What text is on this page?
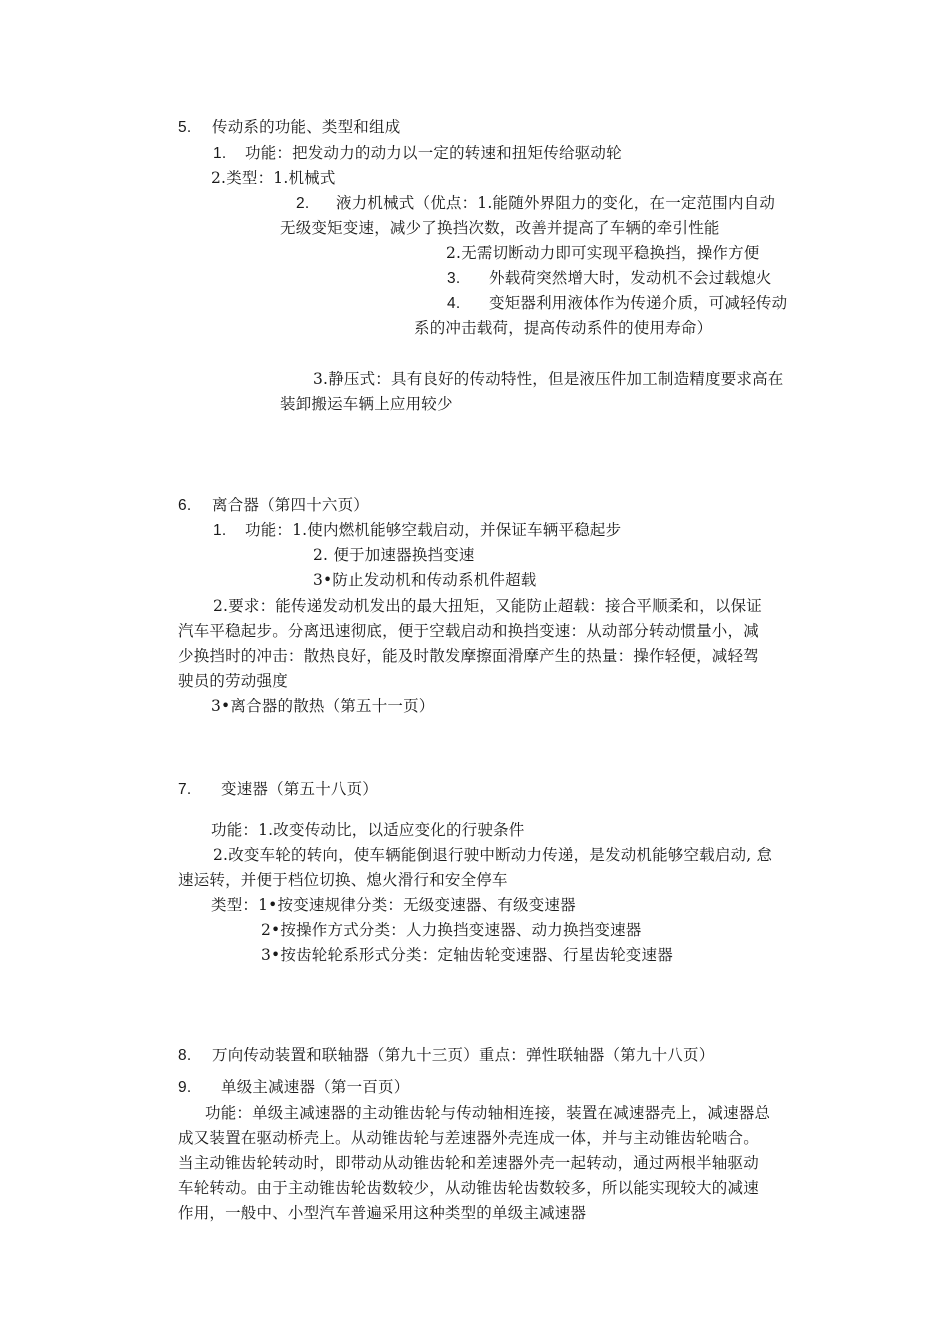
5. 传动系的功能、类型和组成
1. 功能：把发动力的动力以一定的转速和扭矩传给驱动轮
2.类型：1.机械式
2. 液力机械式（优点：1.能随外界阻力的变化，在一定范围内自动
无级变矩变速，减少了换挡次数，改善并提高了车辆的牵引性能
2.无需切断动力即可实现平稳换挡，操作方便
3. 外载荷突然增大时，发动机不会过载熄火
4. 变矩器利用液体作为传递介质，可减轻传动
系的冲击载荷，提高传动系件的使用寿命）
3.静压式：具有良好的传动特性，但是液压件加工制造精度要求高在
装卸搬运车辆上应用较少
6. 离合器（第四十六页）
1. 功能：1.使内燃机能够空载启动，并保证车辆平稳起步
2. 便于加速器换挡变速
3•防止发动机和传动系机件超载
2.要求：能传递发动机发出的最大扭矩，又能防止超载：接合平顺柔和，以保证
汽车平稳起步。分离迅速彻底，便于空载启动和换挡变速：从动部分转动惯量小，减
少换挡时的冲击：散热良好，能及时散发摩擦面滑摩产生的热量：操作轻便，减轻驾
驶员的劳动强度
3•离合器的散热（第五十一页）
7. 变速器（第五十八页）
功能：1.改变传动比，以适应变化的行驶条件
2.改变车轮的转向，使车辆能倒退行驶中断动力传递，是发动机能够空载启动, 怠
速运转，并便于档位切换、熄火滑行和安全停车
类型：1•按变速规律分类：无级变速器、有级变速器
2•按操作方式分类：人力换挡变速器、动力换挡变速器
3•按齿轮轮系形式分类：定轴齿轮变速器、行星齿轮变速器
8. 万向传动装置和联轴器（第九十三页）重点：弹性联轴器（第九十八页）
9. 单级主减速器（第一百页）
功能：单级主减速器的主动锥齿轮与传动轴相连接，装置在减速器壳上，减速器总
成又装置在驱动桥壳上。从动锥齿轮与差速器外壳连成一体，并与主动锥齿轮啮合。
当主动锥齿轮转动时，即带动从动锥齿轮和差速器外壳一起转动，通过两根半轴驱动
车轮转动。由于主动锥齿轮齿数较少，从动锥齿轮齿数较多，所以能实现较大的减速
作用，一般中、小型汽车普遍采用这种类型的单级主减速器
